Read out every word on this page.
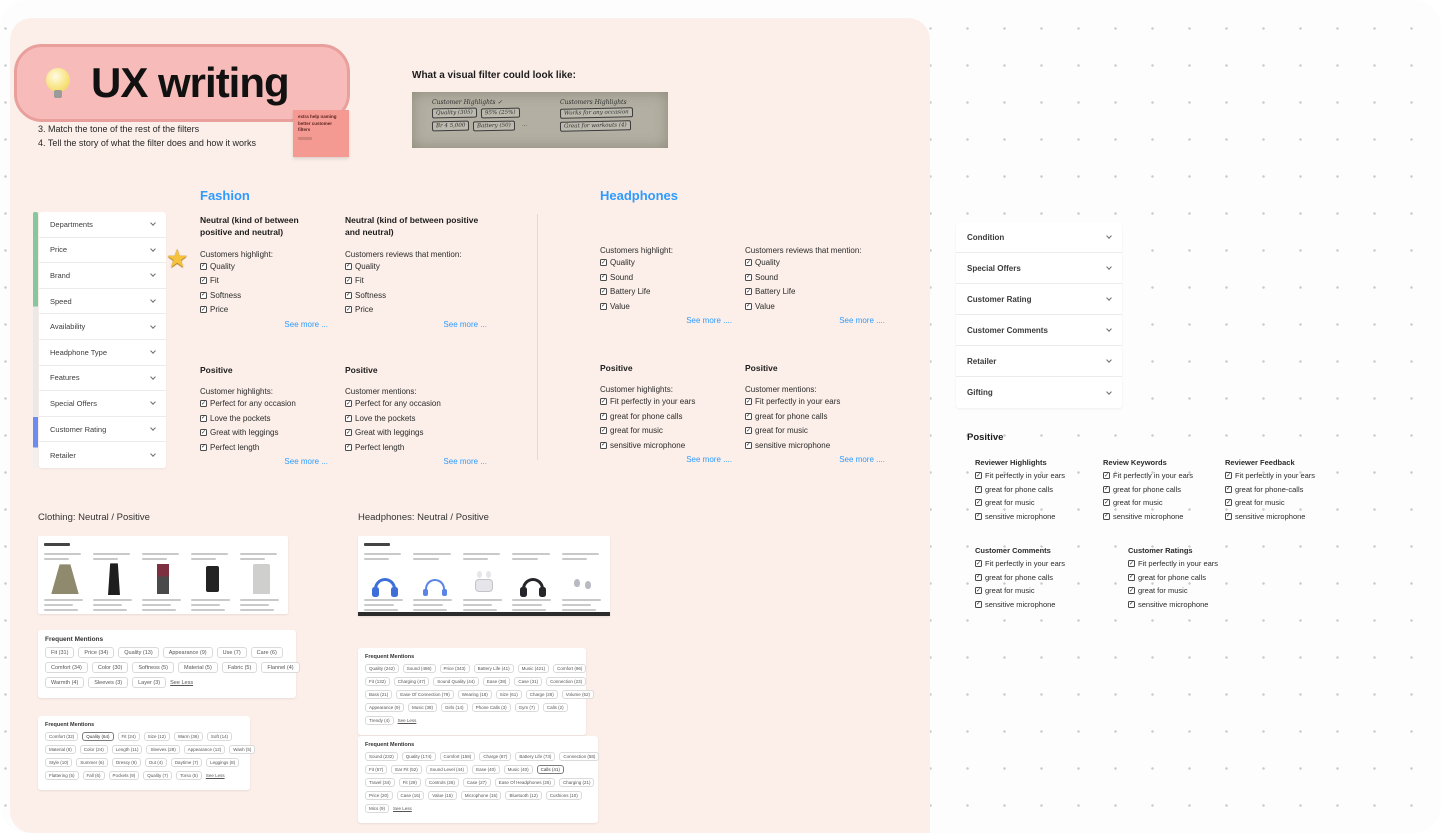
UX writing
3. Match the tone of the rest of the filters
4. Tell the story of what the filter does and how it works
extra help naming
better customer
filters
What a visual filter could look like:
Customer Highlights ✓
Quality (305)	95% (25%)
Br 4 5,000	Battery (50)	...
Customers Highlights
Works for any occasion
Great for workouts (4)
Fashion	Headphones
★
Neutral (kind of between positive and neutral)
Customers highlight:
✓ Quality
✓ Fit
✓ Softness
✓ Price
See more ...
Neutral (kind of between positive and neutral)
Customers reviews that mention:
✓ Quality
✓ Fit
✓ Softness
✓ Price
See more ...
Positive
Customer highlights:
✓ Perfect for any occasion
✓ Love the pockets
✓ Great with leggings
✓ Perfect length
See more ...
Positive
Customer mentions:
✓ Perfect for any occasion
✓ Love the pockets
✓ Great with leggings
✓ Perfect length
See more ...
Customers highlight:
✓ Quality
✓ Sound
✓ Battery Life
✓ Value
See more ....
Customers reviews that mention:
✓ Quality
✓ Sound
✓ Battery Life
✓ Value
See more ....
Positive
Customer highlights:
✓ Fit perfectly in your ears
✓ great for phone calls
✓ great for music
✓ sensitive microphone
See more ....
Positive
Customer mentions:
✓ Fit perfectly in your ears
✓ great for phone calls
✓ great for music
✓ sensitive microphone
See more ....
Departments
Price
Brand
Speed
Availability
Headphone Type
Features
Special Offers
Customer Rating
Retailer
Condition
Special Offers
Customer Rating
Customer Comments
Retailer
Gifting
Positive
Reviewer Highlights
✓ Fit perfectly in your ears
✓ great for phone calls
✓ great for music
✓ sensitive microphone
Review Keywords
✓ Fit perfectly in your ears
✓ great for phone calls
✓ great for music
✓ sensitive microphone
Reviewer Feedback
✓ Fit perfectly in your ears
✓ great for phone-calls
✓ great for music
✓ sensitive microphone
Customer Comments
✓ Fit perfectly in your ears
✓ great for phone calls
✓ great for music
✓ sensitive microphone
Customer Ratings
✓ Fit perfectly in your ears
✓ great for phone calls
✓ great for music
✓ sensitive microphone
Clothing: Neutral / Positive
Frequent Mentions
Fit (31)	Price (34)	Quality (13)	Appearance (9)	Use (7)	Care (6)
Comfort (34)	Color (30)	Softness (5)	Material (5)	Fabric (5)	Flannel (4)
Warmth (4)	Sleeves (3)	Layer (3)	See Less
Frequent Mentions
Comfort (32)	Quality (64)	Fit (24)	Size (12)	Warm (36)	Soft (14)
Material (8)	Color (24)	Length (11)	Sleeves (28)	Appearance (12)	Wash (5)
Style (10)	Summer (6)	Dressy (9)	Out (4)	Daytime (7)	Leggings (8)
Flattering (5)	Fall (6)	Pockets (9)	Quality (7)	Torso (5)	See Less
Headphones: Neutral / Positive
Frequent Mentions
Quality (242)	Sound (486)	Price (343)	Battery Life (41)	Music (421)	Comfort (96)
Fit (132)	Charging (47)	Sound Quality (44)	Ease (38)	Case (31)	Connection (23)
Bass (21)	Ease Of Connection (79)	Wearing (18)	Size (61)	Charge (28)	Volume (52)
Appearance (9)	Music (38)	Girls (14)	Phone Calls (3)	Gym (7)	Calls (2)
Trendy (4)	See Less
Frequent Mentions
Sound (232)	Quality (174)	Comfort (158)	Charge (87)	Battery Life (73)	Connection (58)
Fit (57)	Ear Fit (52)	Sound Level (44)	Ease (40)	Music (40)	Calls (41)
Travel (34)	Fit (29)	Controls (26)	Case (27)	Ease Of Headphones (25)	Charging (21)
Price (20)	Case (16)	Value (15)	Microphone (15)	Bluetooth (12)	Cushions (10)
Mics (9)	See Less
